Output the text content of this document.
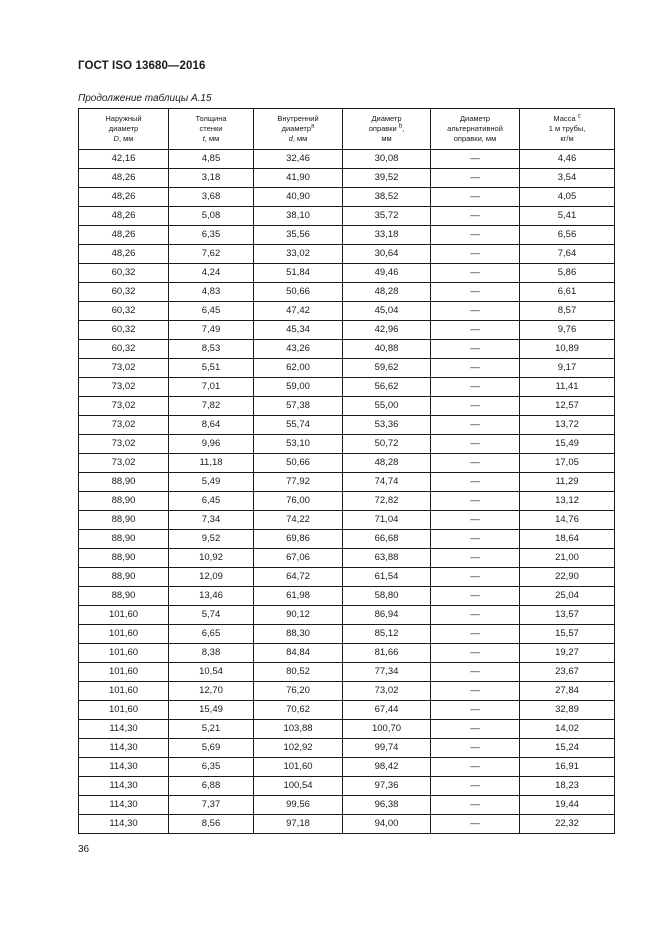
ГОСТ ISO 13680—2016
Продолжение таблицы А.15
Наружный
диаметр
D, мм	Толщина
стенки
t, мм	Внутренний
диаметр$^a$
d, мм	Диаметр
оправки $^b$,
мм	Диаметр
альтернативной
оправки, мм	Масса $^c$
1 м трубы,
кг/м

42,16	4,85	32,46	30,08	—	4,46
48,26	3,18	41,90	39,52	—	3,54
48,26	3,68	40,90	38,52	—	4,05
48,26	5,08	38,10	35,72	—	5,41
48,26	6,35	35,56	33,18	—	6,56
48,26	7,62	33,02	30,64	—	7,64
60,32	4,24	51,84	49,46	—	5,86
60,32	4,83	50,66	48,28	—	6,61
60,32	6,45	47,42	45,04	—	8,57
60,32	7,49	45,34	42,96	—	9,76
60,32	8,53	43,26	40,88	—	10,89
73,02	5,51	62,00	59,62	—	9,17
73,02	7,01	59,00	56,62	—	11,41
73,02	7,82	57,38	55,00	—	12,57
73,02	8,64	55,74	53,36	—	13,72
73,02	9,96	53,10	50,72	—	15,49
73,02	11,18	50,66	48,28	—	17,05
88,90	5,49	77,92	74,74	—	11,29
88,90	6,45	76,00	72,82	—	13,12
88,90	7,34	74,22	71,04	—	14,76
88,90	9,52	69,86	66,68	—	18,64
88,90	10,92	67,06	63,88	—	21,00
88,90	12,09	64,72	61,54	—	22,90
88,90	13,46	61,98	58,80	—	25,04
101,60	5,74	90,12	86,94	—	13,57
101,60	6,65	88,30	85,12	—	15,57
101,60	8,38	84,84	81,66	—	19,27
101,60	10,54	80,52	77,34	—	23,67
101,60	12,70	76,20	73,02	—	27,84
101,60	15,49	70,62	67,44	—	32,89
114,30	5,21	103,88	100,70	—	14,02
114,30	5,69	102,92	99,74	—	15,24
114,30	6,35	101,60	98,42	—	16,91
114,30	6,88	100,54	97,36	—	18,23
114,30	7,37	99,56	96,38	—	19,44
114,30	8,56	97,18	94,00	—	22,32
36
